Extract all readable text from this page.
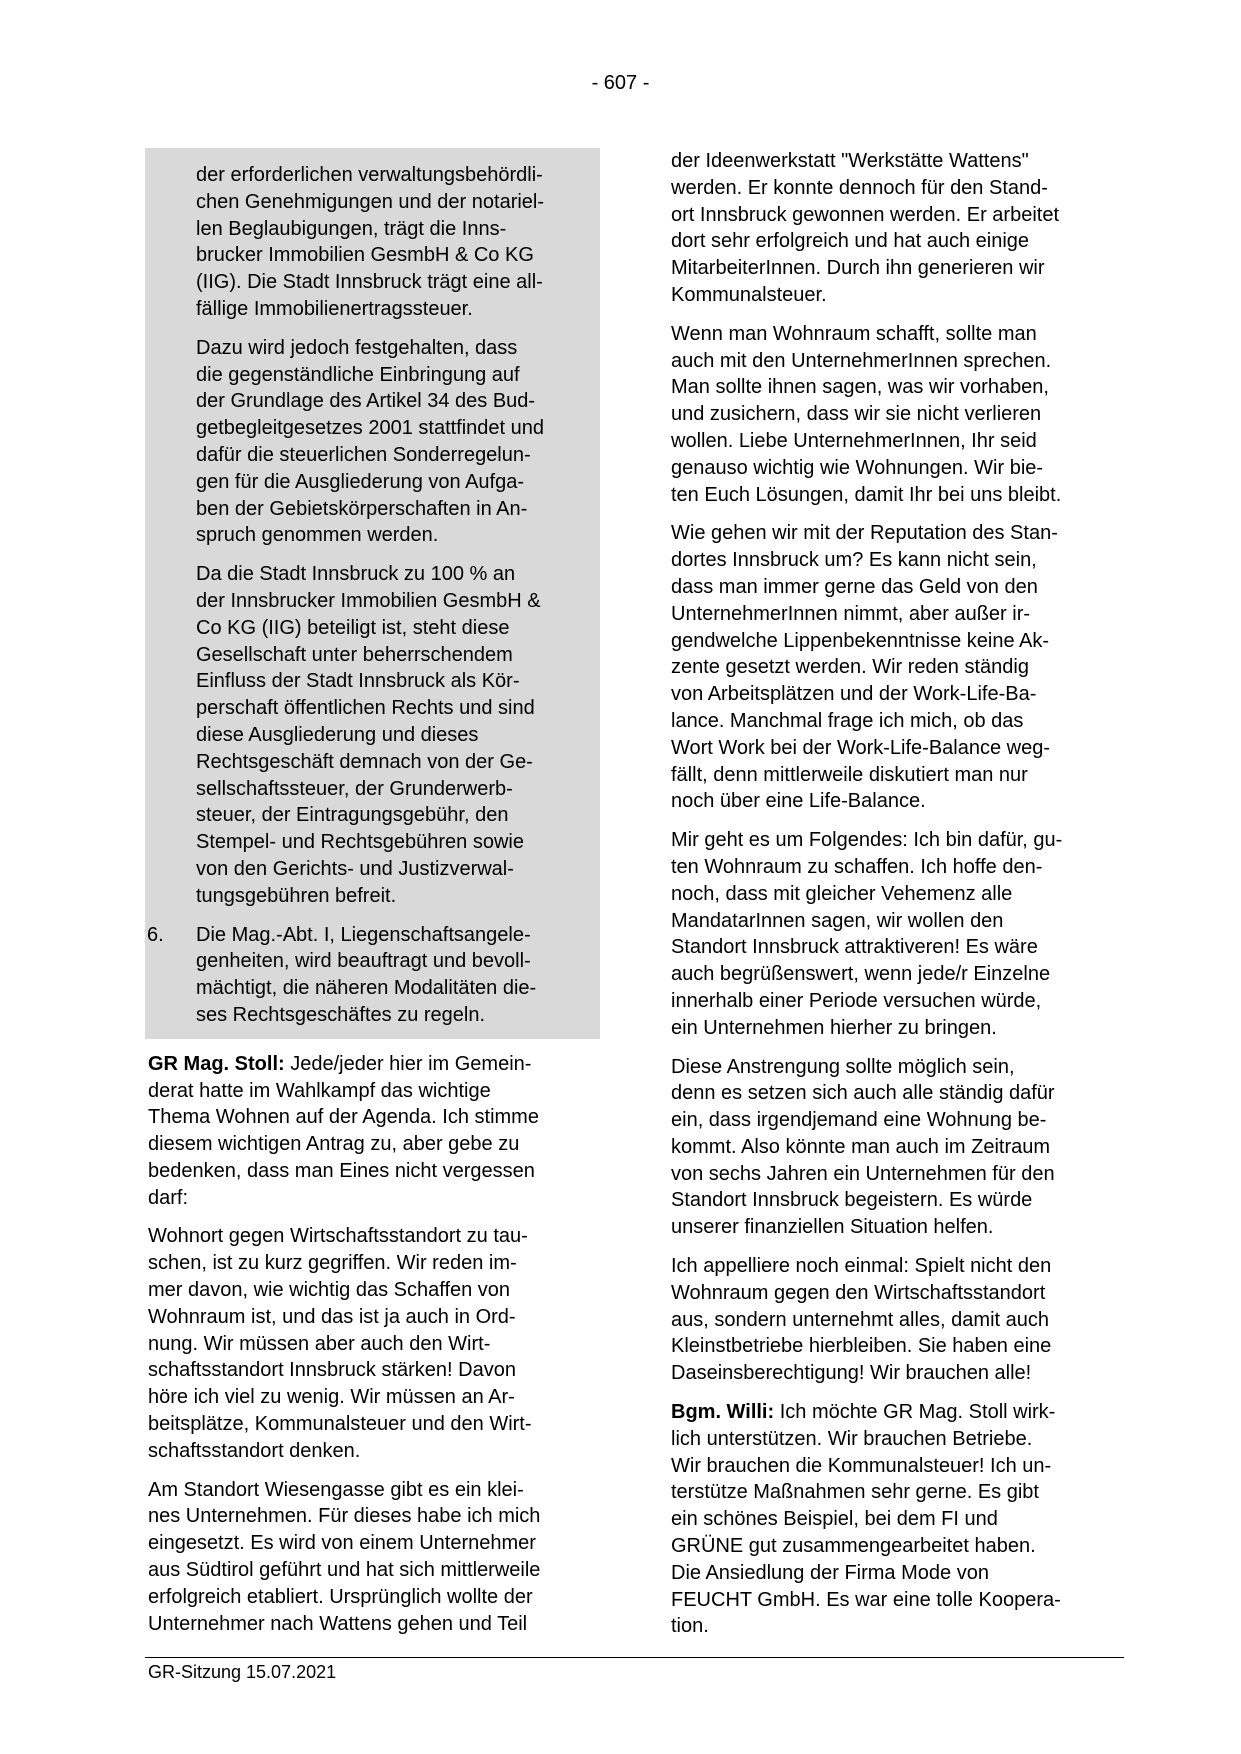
- 607 -
der erforderlichen verwaltungsbehördli-
chen Genehmigungen und der notariel-
len Beglaubigungen, trägt die Inns-
brucker Immobilien GesmbH & Co KG
(IIG). Die Stadt Innsbruck trägt eine all-
fällige Immobilienertragssteuer.
Dazu wird jedoch festgehalten, dass
die gegenständliche Einbringung auf
der Grundlage des Artikel 34 des Bud-
getbegleitgesetzes 2001 stattfindet und
dafür die steuerlichen Sonderregelun-
gen für die Ausgliederung von Aufga-
ben der Gebietskörperschaften in An-
spruch genommen werden.
Da die Stadt Innsbruck zu 100 % an
der Innsbrucker Immobilien GesmbH &
Co KG (IIG) beteiligt ist, steht diese
Gesellschaft unter beherrschendem
Einfluss der Stadt Innsbruck als Kör-
perschaft öffentlichen Rechts und sind
diese Ausgliederung und dieses
Rechtsgeschäft demnach von der Ge-
sellschaftssteuer, der Grunderwerb-
steuer, der Eintragungsgebühr, den
Stempel- und Rechtsgebühren sowie
von den Gerichts- und Justizverwal-
tungsgebühren befreit.
6.	Die Mag.-Abt. I, Liegenschaftsangele-
genheiten, wird beauftragt und bevoll-
mächtigt, die näheren Modalitäten die-
ses Rechtsgeschäftes zu regeln.
GR Mag. Stoll: Jede/jeder hier im Gemein-
derat hatte im Wahlkampf das wichtige
Thema Wohnen auf der Agenda. Ich stimme
diesem wichtigen Antrag zu, aber gebe zu
bedenken, dass man Eines nicht vergessen
darf:
Wohnort gegen Wirtschaftsstandort zu tau-
schen, ist zu kurz gegriffen. Wir reden im-
mer davon, wie wichtig das Schaffen von
Wohnraum ist, und das ist ja auch in Ord-
nung. Wir müssen aber auch den Wirt-
schaftsstandort Innsbruck stärken! Davon
höre ich viel zu wenig. Wir müssen an Ar-
beitsplätze, Kommunalsteuer und den Wirt-
schaftsstandort denken.
Am Standort Wiesengasse gibt es ein klei-
nes Unternehmen. Für dieses habe ich mich
eingesetzt. Es wird von einem Unternehmer
aus Südtirol geführt und hat sich mittlerweile
erfolgreich etabliert. Ursprünglich wollte der
Unternehmer nach Wattens gehen und Teil
der Ideenwerkstatt "Werkstätte Wattens"
werden. Er konnte dennoch für den Stand-
ort Innsbruck gewonnen werden. Er arbeitet
dort sehr erfolgreich und hat auch einige
MitarbeiterInnen. Durch ihn generieren wir
Kommunalsteuer.
Wenn man Wohnraum schafft, sollte man
auch mit den UnternehmerInnen sprechen.
Man sollte ihnen sagen, was wir vorhaben,
und zusichern, dass wir sie nicht verlieren
wollen. Liebe UnternehmerInnen, Ihr seid
genauso wichtig wie Wohnungen. Wir bie-
ten Euch Lösungen, damit Ihr bei uns bleibt.
Wie gehen wir mit der Reputation des Stan-
dortes Innsbruck um? Es kann nicht sein,
dass man immer gerne das Geld von den
UnternehmerInnen nimmt, aber außer ir-
gendwelche Lippenbekenntnisse keine Ak-
zente gesetzt werden. Wir reden ständig
von Arbeitsplätzen und der Work-Life-Ba-
lance. Manchmal frage ich mich, ob das
Wort Work bei der Work-Life-Balance weg-
fällt, denn mittlerweile diskutiert man nur
noch über eine Life-Balance.
Mir geht es um Folgendes: Ich bin dafür, gu-
ten Wohnraum zu schaffen. Ich hoffe den-
noch, dass mit gleicher Vehemenz alle
MandatarInnen sagen, wir wollen den
Standort Innsbruck attraktiveren! Es wäre
auch begrüßenswert, wenn jede/r Einzelne
innerhalb einer Periode versuchen würde,
ein Unternehmen hierher zu bringen.
Diese Anstrengung sollte möglich sein,
denn es setzen sich auch alle ständig dafür
ein, dass irgendjemand eine Wohnung be-
kommt. Also könnte man auch im Zeitraum
von sechs Jahren ein Unternehmen für den
Standort Innsbruck begeistern. Es würde
unserer finanziellen Situation helfen.
Ich appelliere noch einmal: Spielt nicht den
Wohnraum gegen den Wirtschaftsstandort
aus, sondern unternehmt alles, damit auch
Kleinstbetriebe hierbleiben. Sie haben eine
Daseinsberechtigung! Wir brauchen alle!
Bgm. Willi: Ich möchte GR Mag. Stoll wirk-
lich unterstützen. Wir brauchen Betriebe.
Wir brauchen die Kommunalsteuer! Ich un-
terstütze Maßnahmen sehr gerne. Es gibt
ein schönes Beispiel, bei dem FI und
GRÜNE gut zusammengearbeitet haben.
Die Ansiedlung der Firma Mode von
FEUCHT GmbH. Es war eine tolle Koopera-
tion.
GR-Sitzung 15.07.2021
